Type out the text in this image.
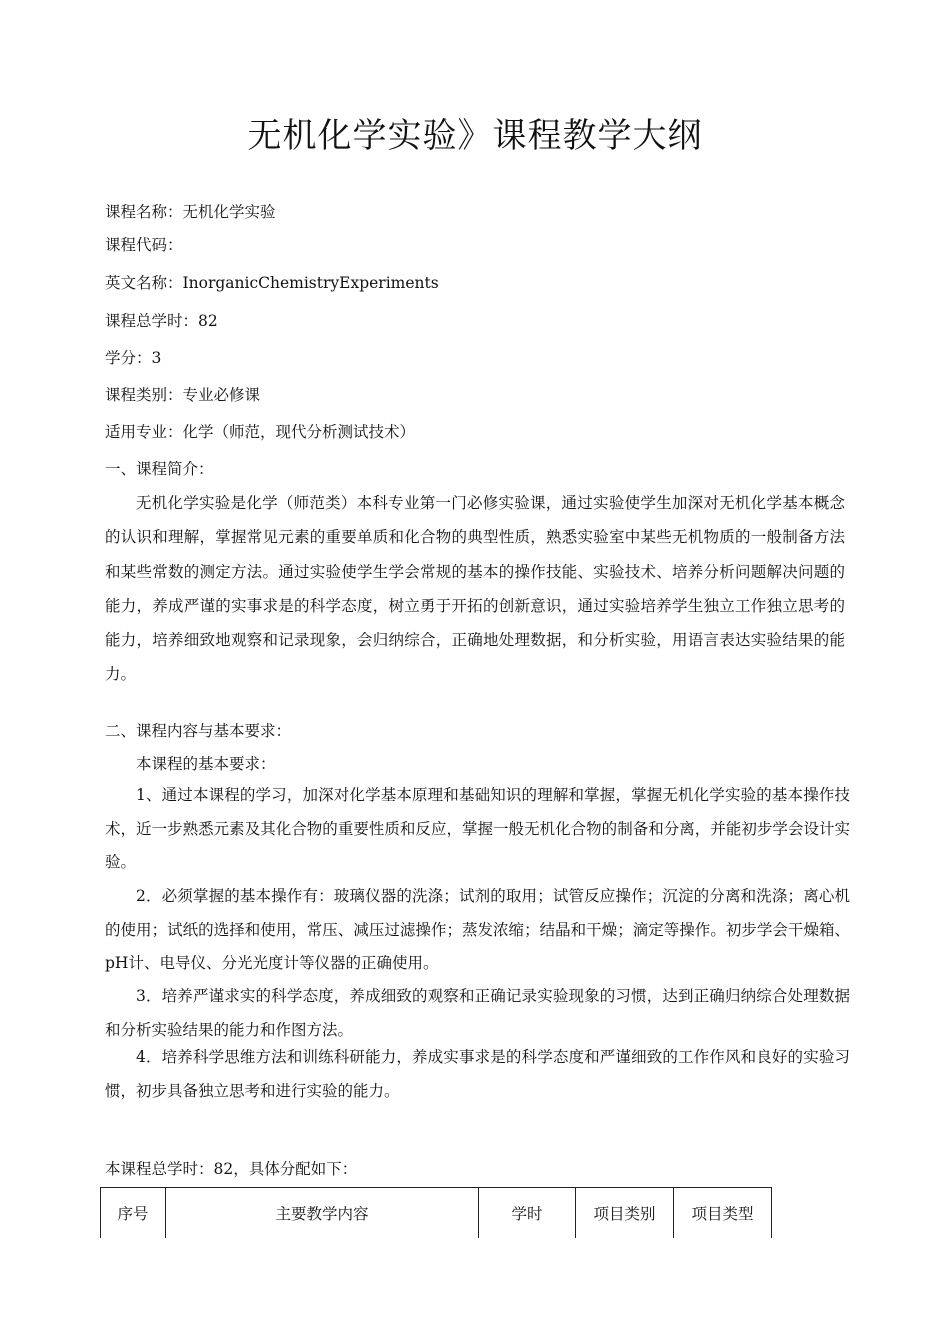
无机化学实验》课程教学大纲

课程名称：无机化学实验

课程代码：

英文名称：InorganicChemistryExperiments

课程总学时：82

学分：3

课程类别：专业必修课

适用专业：化学（师范，现代分析测试技术）

一、课程简介：

无机化学实验是化学（师范类）本科专业第一门必修实验课，通过实验使学生加深对无机化学基本概念的认识和理解，掌握常见元素的重要单质和化合物的典型性质，熟悉实验室中某些无机物质的一般制备方法和某些常数的测定方法。通过实验使学生学会常规的基本的操作技能、实验技术、培养分析问题解决问题的能力，养成严谨的实事求是的科学态度，树立勇于开拓的创新意识，通过实验培养学生独立工作独立思考的能力，培养细致地观察和记录现象，会归纳综合，正确地处理数据，和分析实验，用语言表达实验结果的能力。

二、课程内容与基本要求：

本课程的基本要求：

1、通过本课程的学习，加深对化学基本原理和基础知识的理解和掌握，掌握无机化学实验的基本操作技术，近一步熟悉元素及其化合物的重要性质和反应，掌握一般无机化合物的制备和分离，并能初步学会设计实验。

2．必须掌握的基本操作有：玻璃仪器的洗涤；试剂的取用；试管反应操作；沉淀的分离和洗涤；离心机的使用；试纸的选择和使用，常压、减压过滤操作；蒸发浓缩；结晶和干燥；滴定等操作。初步学会干燥箱、pH计、电导仪、分光光度计等仪器的正确使用。

3．培养严谨求实的科学态度，养成细致的观察和正确记录实验现象的习惯，达到正确归纳综合处理数据和分析实验结果的能力和作图方法。

4．培养科学思维方法和训练科研能力，养成实事求是的科学态度和严谨细致的工作作风和良好的实验习惯，初步具备独立思考和进行实验的能力。

本课程总学时：82，具体分配如下：

序号	主要教学内容	学时	项目类别	项目类型
